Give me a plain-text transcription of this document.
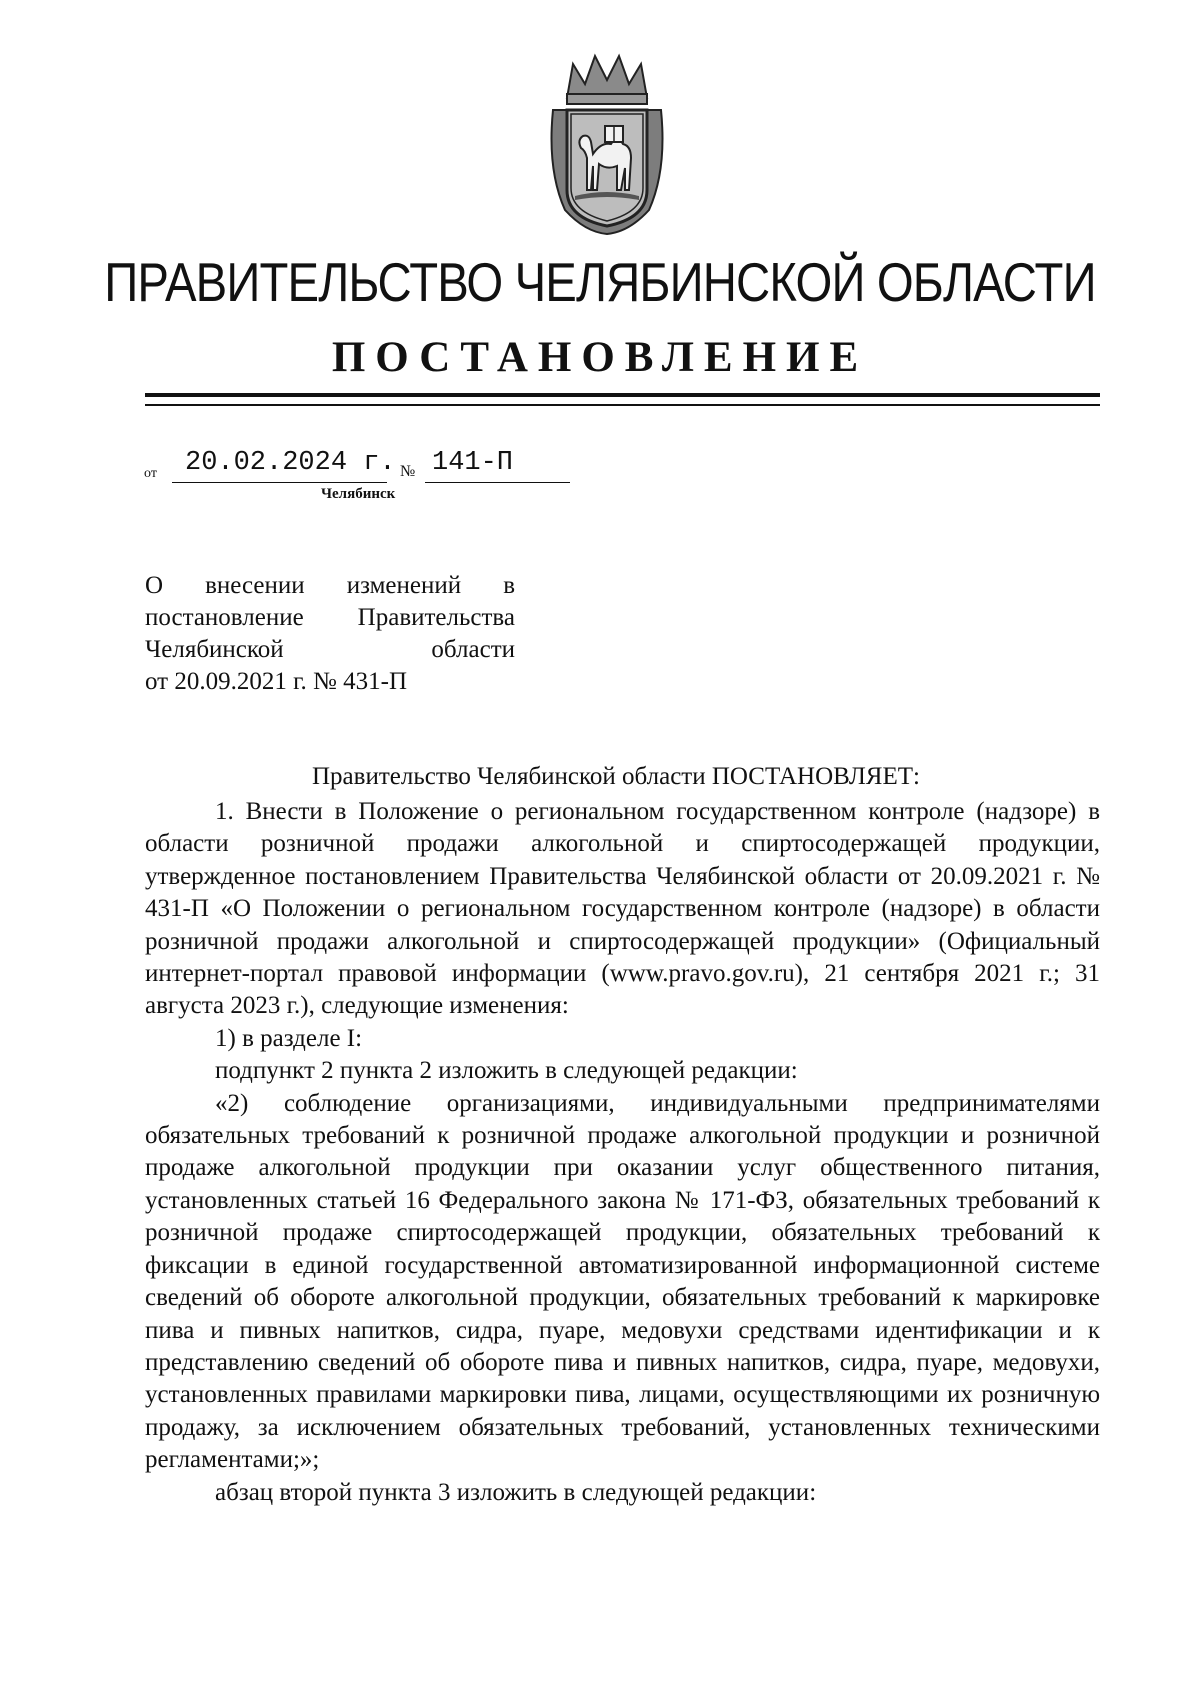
ПРАВИТЕЛЬСТВО ЧЕЛЯБИНСКОЙ ОБЛАСТИ
ПОСТАНОВЛЕНИЕ
от 20.02.2024 г. № 141-П
Челябинск
О внесении изменений в
постановление Правительства
Челябинской области
от 20.09.2021 г. № 431-П
Правительство Челябинской области ПОСТАНОВЛЯЕТ:

1. Внести в Положение о региональном государственном контроле (надзоре) в области розничной продажи алкогольной и спиртосодержащей продукции, утвержденное постановлением Правительства Челябинской области от 20.09.2021 г. № 431-П «О Положении о региональном государственном контроле (надзоре) в области розничной продажи алкогольной и спиртосодержащей продукции» (Официальный интернет-портал правовой информации (www.pravo.gov.ru), 21 сентября 2021 г.; 31 августа 2023 г.), следующие изменения:

1) в разделе I:

подпункт 2 пункта 2 изложить в следующей редакции:

«2) соблюдение организациями, индивидуальными предпринимателями обязательных требований к розничной продаже алкогольной продукции и розничной продаже алкогольной продукции при оказании услуг общественного питания, установленных статьей 16 Федерального закона № 171-ФЗ, обязательных требований к розничной продаже спиртосодержащей продукции, обязательных требований к фиксации в единой государственной автоматизированной информационной системе сведений об обороте алкогольной продукции, обязательных требований к маркировке пива и пивных напитков, сидра, пуаре, медовухи средствами идентификации и к представлению сведений об обороте пива и пивных напитков, сидра, пуаре, медовухи, установленных правилами маркировки пива, лицами, осуществляющими их розничную продажу, за исключением обязательных требований, установленных техническими регламентами;»;

абзац второй пункта 3 изложить в следующей редакции:
